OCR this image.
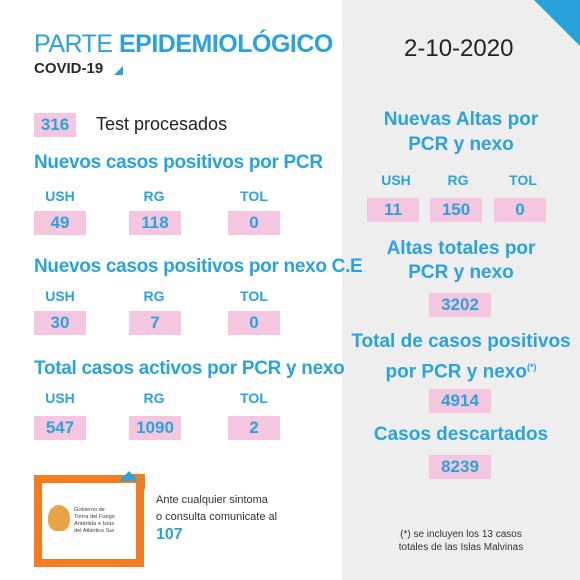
PARTE EPIDEMIOLÓGICO
COVID-19
2-10-2020
316	Test procesados
Nuevos casos positivos por PCR
USH	RG	TOL
49	118	0
Nuevos casos positivos por nexo C.E
USH	RG	TOL
30	7	0
Total casos activos por PCR y nexo
USH	RG	TOL
547	1090	2
Nuevas Altas por
PCR y nexo
USH	RG	TOL
11	150	0
Altas totales por
PCR y nexo
3202
Total de casos positivos
por PCR y nexo(*)
4914
Casos descartados
8239
(*) se incluyen los 13 casos
totales de las Islas Malvinas
Gobierno de
Tierra del Fuego
Antártida e Islas
del Atlántico Sur
Ante cualquier sintoma
o consulta comunicate al
107
